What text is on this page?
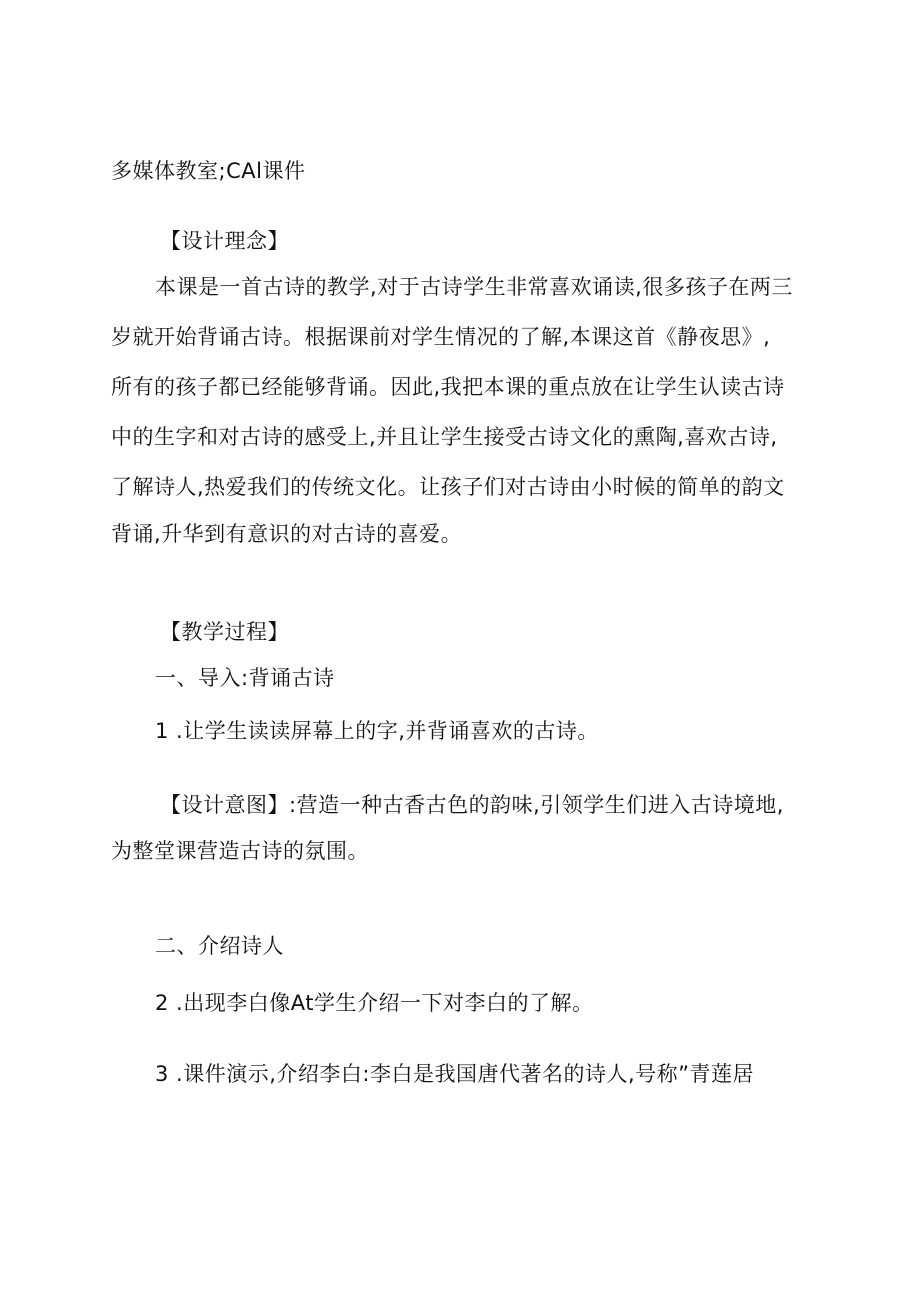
多媒体教室;CAl课件
【设计理念】
本课是一首古诗的教学,对于古诗学生非常喜欢诵读,很多孩子在两三
岁就开始背诵古诗。根据课前对学生情况的了解,本课这首《静夜思》,
所有的孩子都已经能够背诵。因此,我把本课的重点放在让学生认读古诗
中的生字和对古诗的感受上,并且让学生接受古诗文化的熏陶,喜欢古诗,
了解诗人,热爱我们的传统文化。让孩子们对古诗由小时候的简单的韵文
背诵,升华到有意识的对古诗的喜爱。
【教学过程】
一、导入:背诵古诗
1 .让学生读读屏幕上的字,并背诵喜欢的古诗。
【设计意图】:营造一种古香古色的韵味,引领学生们进入古诗境地,
为整堂课营造古诗的氛围。
二、介绍诗人
2 .出现李白像At学生介绍一下对李白的了解。
3 .课件演示,介绍李白:李白是我国唐代著名的诗人,号称”青莲居
